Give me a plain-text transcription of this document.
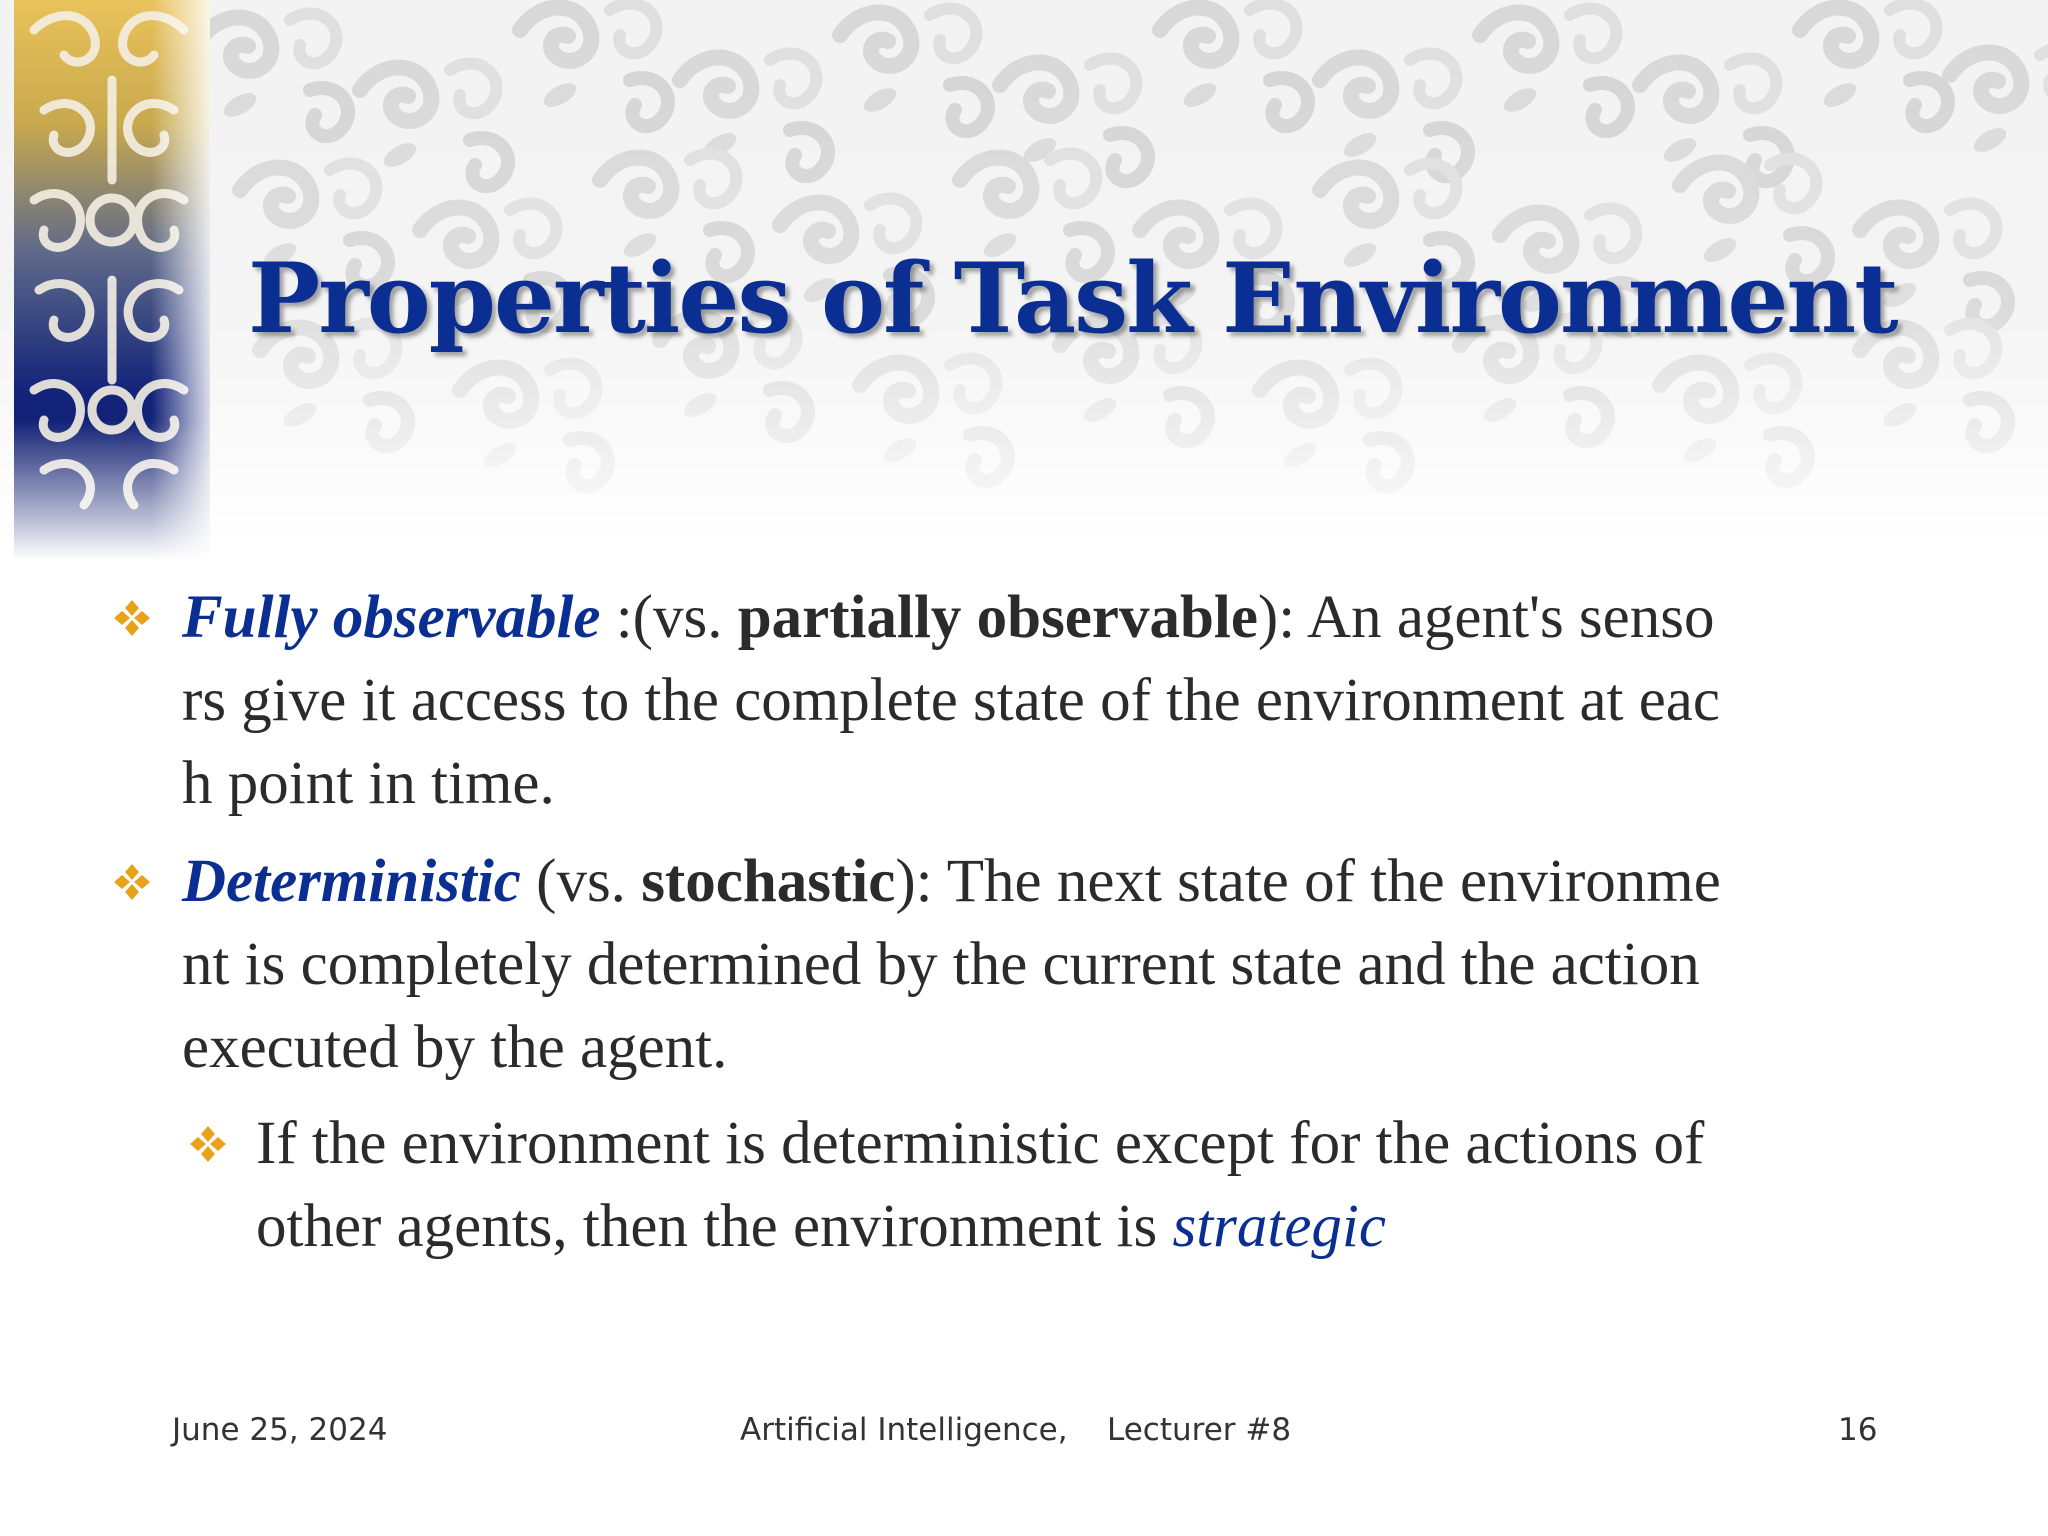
Properties of Task Environment
Fully observable :(vs. partially observable): An agent's senso
rs give it access to the complete state of the environment at eac
h point in time.
Deterministic (vs. stochastic): The next state of the environme
nt is completely determined by the current state and the action
executed by the agent.
If the environment is deterministic except for the actions of
other agents, then the environment is strategic
June 25, 2024	Artificial Intelligence,    Lecturer #8	16
